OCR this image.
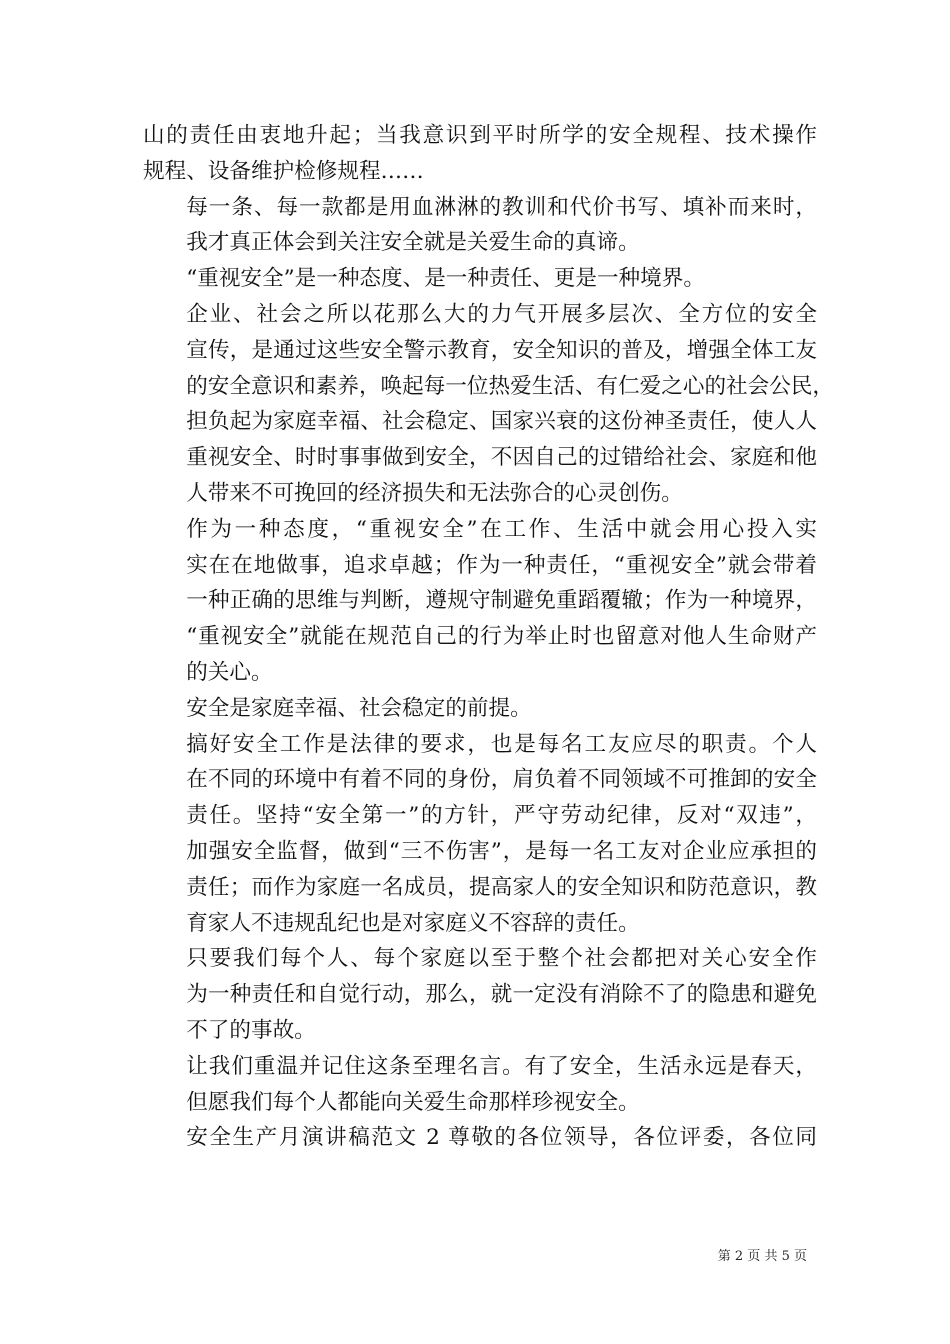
山的责任由衷地升起；当我意识到平时所学的安全规程、技术操作
规程、设备维护检修规程……

每一条、每一款都是用血淋淋的教训和代价书写、填补而来时，
我才真正体会到关注安全就是关爱生命的真谛。

“重视安全”是一种态度、是一种责任、更是一种境界。

企业、社会之所以花那么大的力气开展多层次、全方位的安全
宣传，是通过这些安全警示教育，安全知识的普及，增强全体工友
的安全意识和素养，唤起每一位热爱生活、有仁爱之心的社会公民，
担负起为家庭幸福、社会稳定、国家兴衰的这份神圣责任，使人人
重视安全、时时事事做到安全，不因自己的过错给社会、家庭和他
人带来不可挽回的经济损失和无法弥合的心灵创伤。

作为一种态度，“重视安全”在工作、生活中就会用心投入实
实在在地做事，追求卓越；作为一种责任，“重视安全”就会带着
一种正确的思维与判断，遵规守制避免重蹈覆辙；作为一种境界，
“重视安全”就能在规范自己的行为举止时也留意对他人生命财产
的关心。

安全是家庭幸福、社会稳定的前提。

搞好安全工作是法律的要求，也是每名工友应尽的职责。个人
在不同的环境中有着不同的身份，肩负着不同领域不可推卸的安全
责任。坚持“安全第一”的方针，严守劳动纪律，反对“双违”，
加强安全监督，做到“三不伤害”，是每一名工友对企业应承担的
责任；而作为家庭一名成员，提高家人的安全知识和防范意识，教
育家人不违规乱纪也是对家庭义不容辞的责任。

只要我们每个人、每个家庭以至于整个社会都把对关心安全作
为一种责任和自觉行动，那么，就一定没有消除不了的隐患和避免
不了的事故。

让我们重温并记住这条至理名言。有了安全，生活永远是春天，
但愿我们每个人都能向关爱生命那样珍视安全。

安全生产月演讲稿范文 2 尊敬的各位领导，各位评委，各位同

第 2 页 共 5 页
